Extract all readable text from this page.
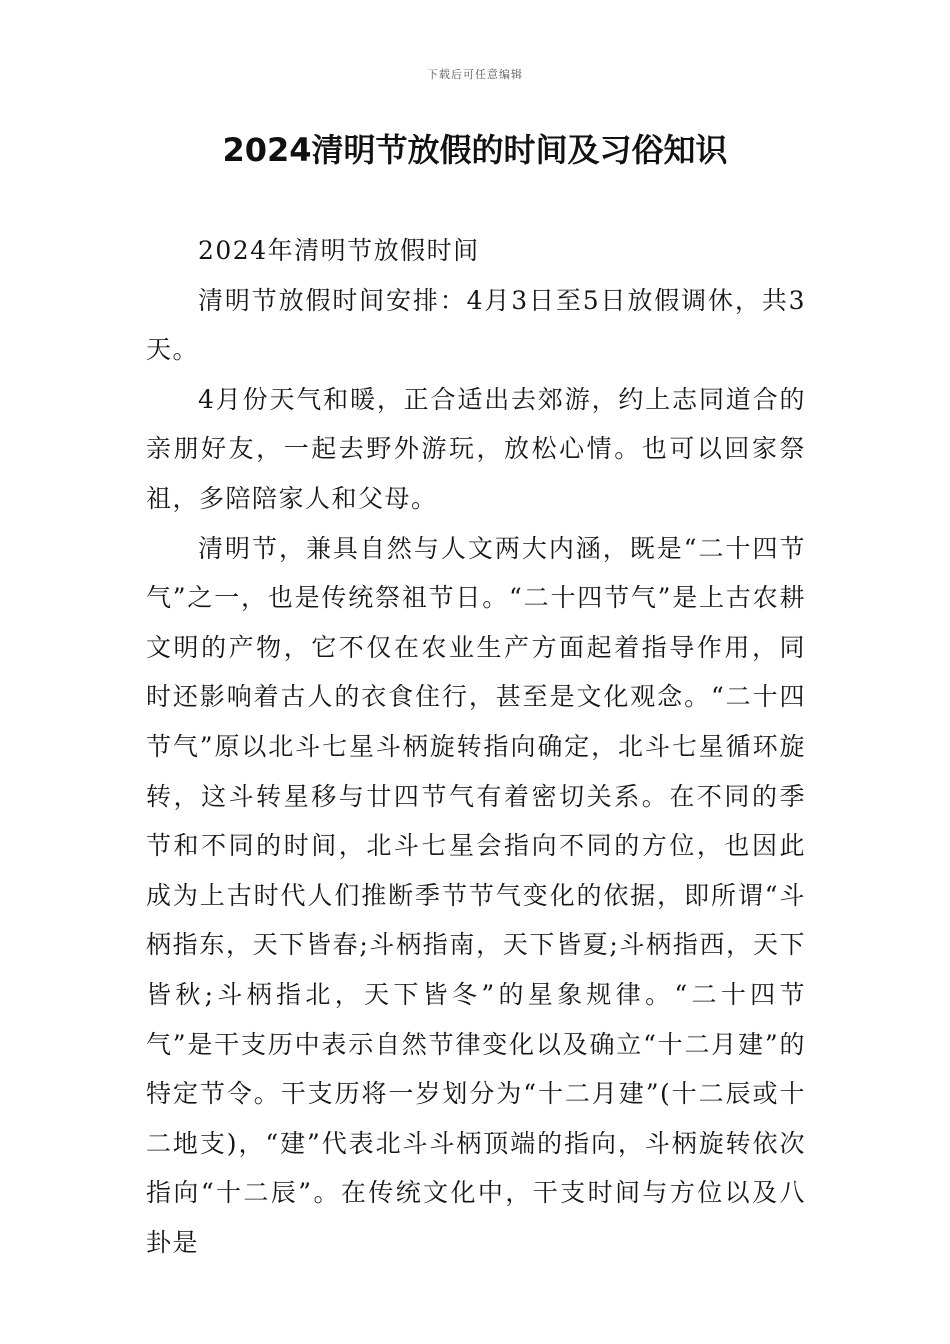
下载后可任意编辑
2024清明节放假的时间及习俗知识

2024年清明节放假时间

清明节放假时间安排：4月3日至5日放假调休，共3天。

4月份天气和暖，正合适出去郊游，约上志同道合的亲朋好友，一起去野外游玩，放松心情。也可以回家祭祖，多陪陪家人和父母。

清明节，兼具自然与人文两大内涵，既是“二十四节气”之一，也是传统祭祖节日。“二十四节气”是上古农耕文明的产物，它不仅在农业生产方面起着指导作用，同时还影响着古人的衣食住行，甚至是文化观念。“二十四节气”原以北斗七星斗柄旋转指向确定，北斗七星循环旋转，这斗转星移与廿四节气有着密切关系。在不同的季节和不同的时间，北斗七星会指向不同的方位，也因此成为上古时代人们推断季节节气变化的依据，即所谓“斗柄指东，天下皆春;斗柄指南，天下皆夏;斗柄指西，天下皆秋;斗柄指北，天下皆冬”的星象规律。“二十四节气”是干支历中表示自然节律变化以及确立“十二月建”的特定节令。干支历将一岁划分为“十二月建”(十二辰或十二地支)，“建”代表北斗斗柄顶端的指向，斗柄旋转依次指向“十二辰”。在传统文化中，干支时间与方位以及八卦是
